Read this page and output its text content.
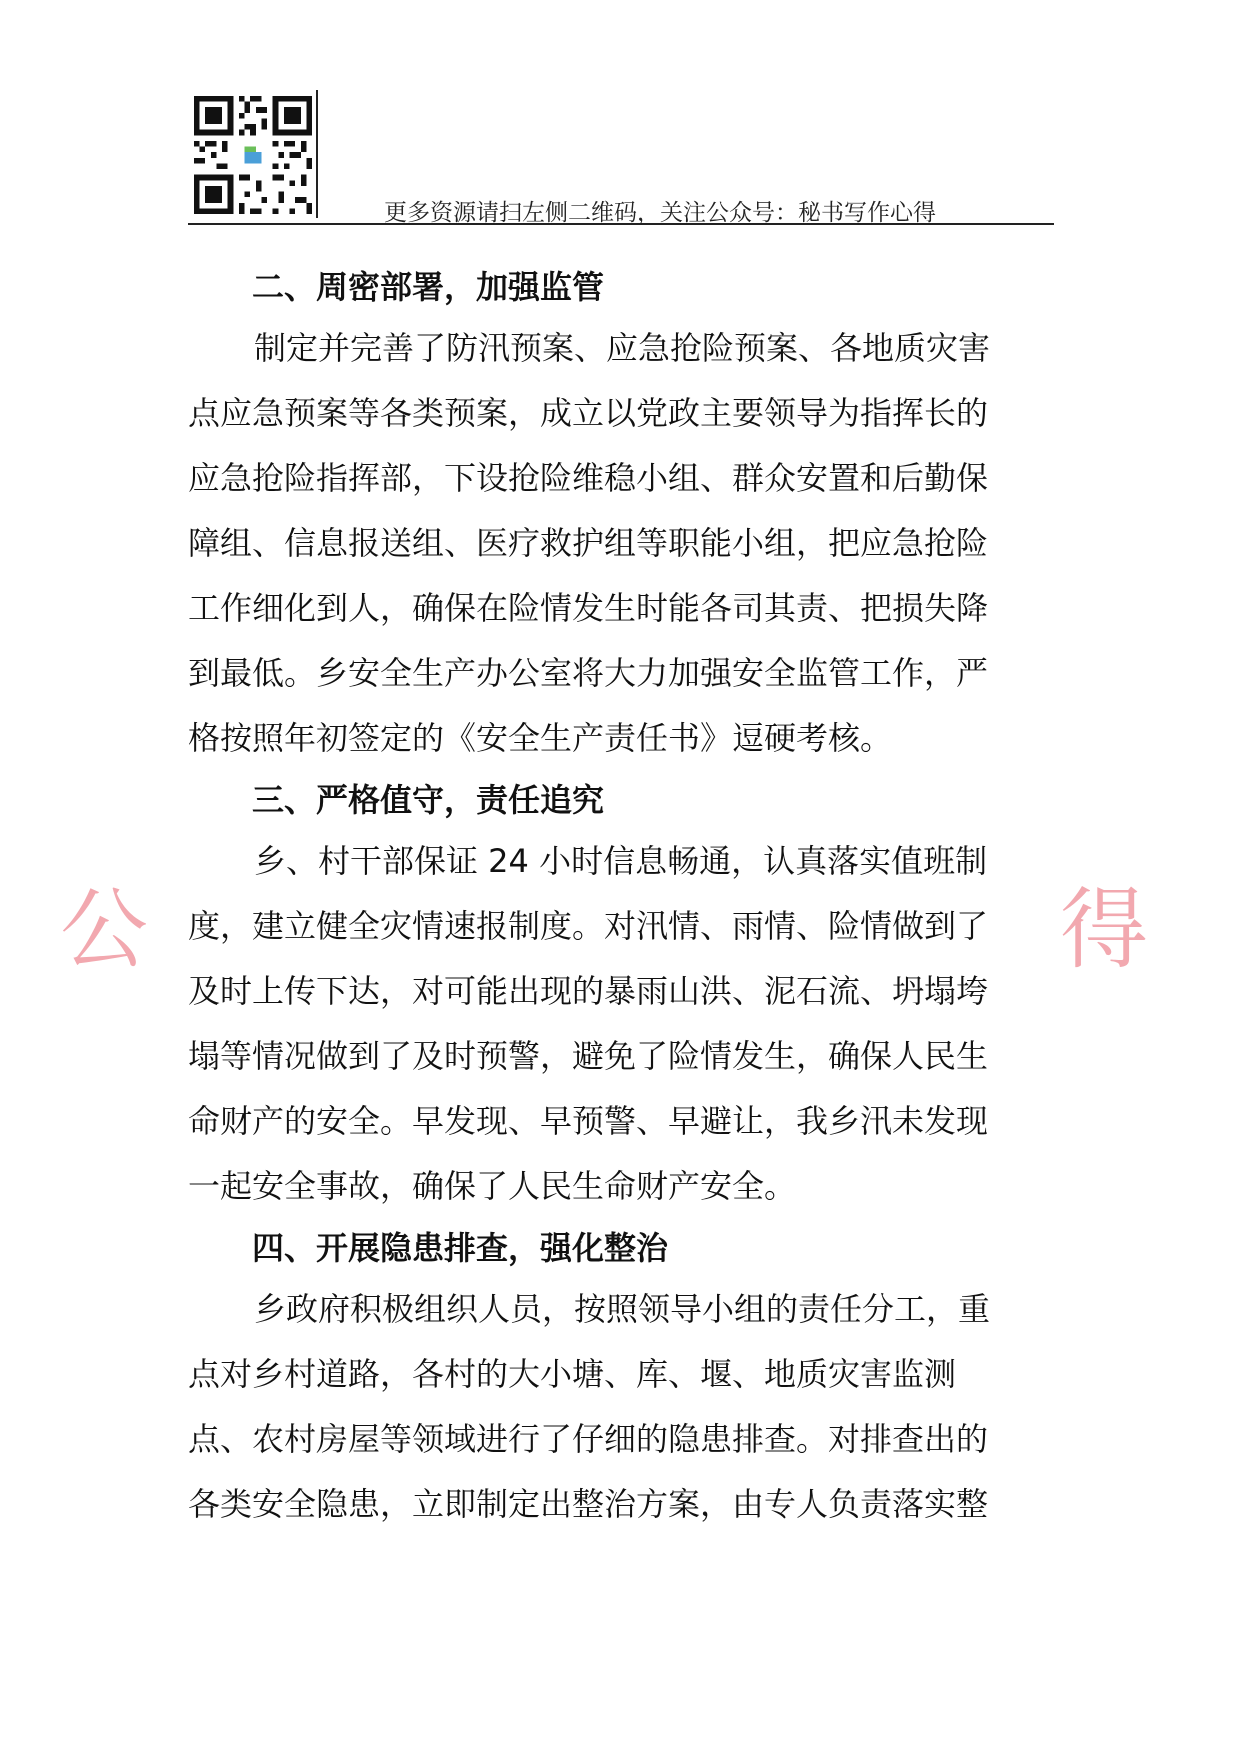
更多资源请扫左侧二维码，关注公众号：秘书写作心得
二、周密部署，加强监管

制定并完善了防汛预案、应急抢险预案、各地质灾害
点应急预案等各类预案，成立以党政主要领导为指挥长的
应急抢险指挥部，下设抢险维稳小组、群众安置和后勤保
障组、信息报送组、医疗救护组等职能小组，把应急抢险
工作细化到人，确保在险情发生时能各司其责、把损失降
到最低。乡安全生产办公室将大力加强安全监管工作，严
格按照年初签定的《安全生产责任书》逗硬考核。

三、严格值守，责任追究

乡、村干部保证 24 小时信息畅通，认真落实值班制
度，建立健全灾情速报制度。对汛情、雨情、险情做到了
及时上传下达，对可能出现的暴雨山洪、泥石流、坍塌垮
塌等情况做到了及时预警，避免了险情发生，确保人民生
命财产的安全。早发现、早预警、早避让，我乡汛未发现
一起安全事故，确保了人民生命财产安全。

四、开展隐患排查，强化整治

乡政府积极组织人员，按照领导小组的责任分工，重
点对乡村道路，各村的大小塘、库、堰、地质灾害监测
点、农村房屋等领域进行了仔细的隐患排查。对排查出的
各类安全隐患，立即制定出整治方案，由专人负责落实整

公	得
